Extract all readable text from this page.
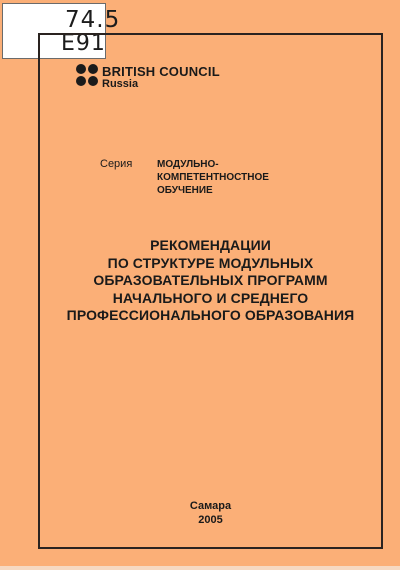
74.5
E91
BRITISH COUNCIL
Russia
Серия МОДУЛЬНО-
КОМПЕТЕНТНОСТНОЕ
ОБУЧЕНИЕ
РЕКОМЕНДАЦИИ
ПО СТРУКТУРЕ МОДУЛЬНЫХ
ОБРАЗОВАТЕЛЬНЫХ ПРОГРАММ
НАЧАЛЬНОГО И СРЕДНЕГО
ПРОФЕССИОНАЛЬНОГО ОБРАЗОВАНИЯ
Самара
2005
